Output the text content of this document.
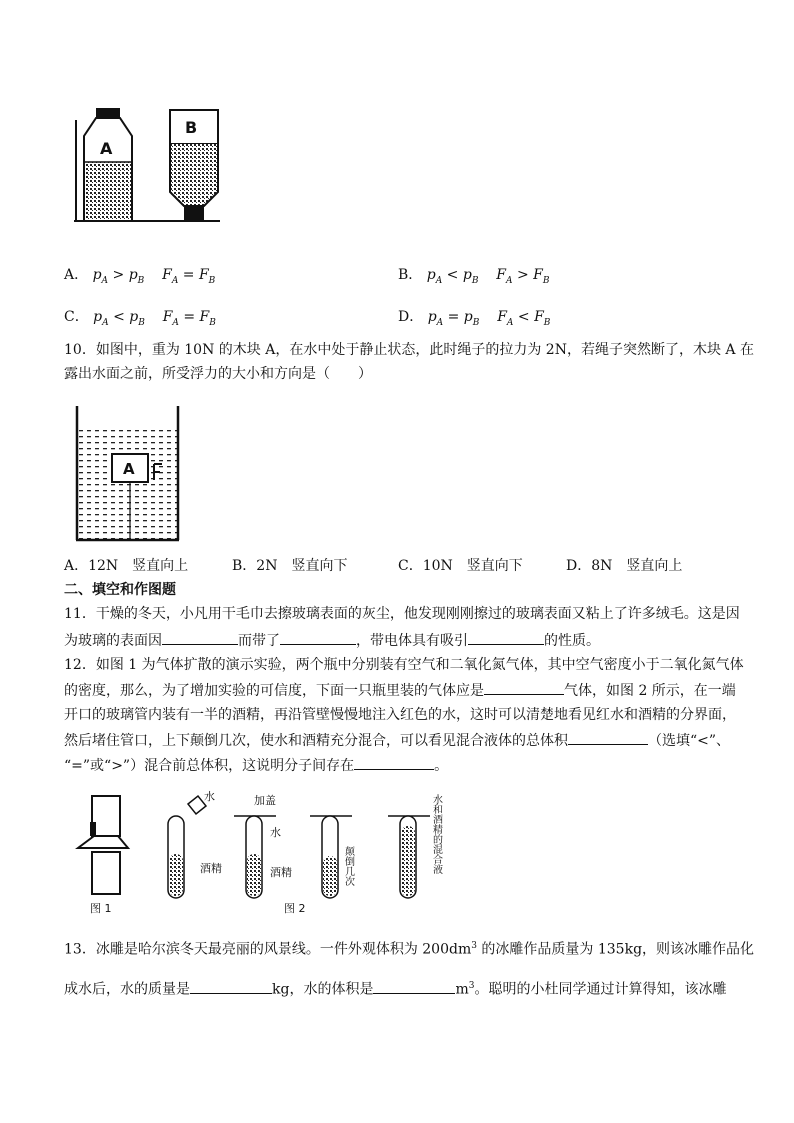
A
B
A． $p_A > p_B$ $F_A = F_B$	B． $p_A < p_B$ $F_A > F_B$
C． $p_A < p_B$ $F_A = F_B$	D． $p_A = p_B$ $F_A < F_B$
10．如图中，重为 10N 的木块 A，在水中处于静止状态，此时绳子的拉力为 2N，若绳子突然断了，木块 A 在
露出水面之前，所受浮力的大小和方向是（　　）
A
A．12N　竖直向上	B．2N　竖直向下	C．10N　竖直向下	D．8N　竖直向上
二、填空和作图题
11．干燥的冬天，小凡用干毛巾去擦玻璃表面的灰尘，他发现刚刚擦过的玻璃表面又粘上了许多绒毛。这是因
为玻璃的表面因	而带了	，带电体具有吸引	的性质。
12．如图 1 为气体扩散的演示实验，两个瓶中分别装有空气和二氧化氮气体，其中空气密度小于二氧化氮气体
的密度，那么，为了增加实验的可信度，下面一只瓶里装的气体应是	气体，如图 2 所示，在一端
开口的玻璃管内装有一半的酒精，再沿管壁慢慢地注入红色的水，这时可以清楚地看见红水和酒精的分界面，
然后堵住管口，上下颠倒几次，使水和酒精充分混合，可以看见混合液体的总体积	（选填“<”、
“=”或“>”）混合前总体积，这说明分子间存在	。
图 1
水
酒精
加盖
水
酒精	颠倒几次	水和酒精的混合液
图 2
13．冰雕是哈尔滨冬天最亮丽的风景线。一件外观体积为 $200dm^3$ 的冰雕作品质量为 135kg，则该冰雕作品化
成水后，水的质量是	kg，水的体积是	$m^3$。聪明的小杜同学通过计算得知，该冰雕
